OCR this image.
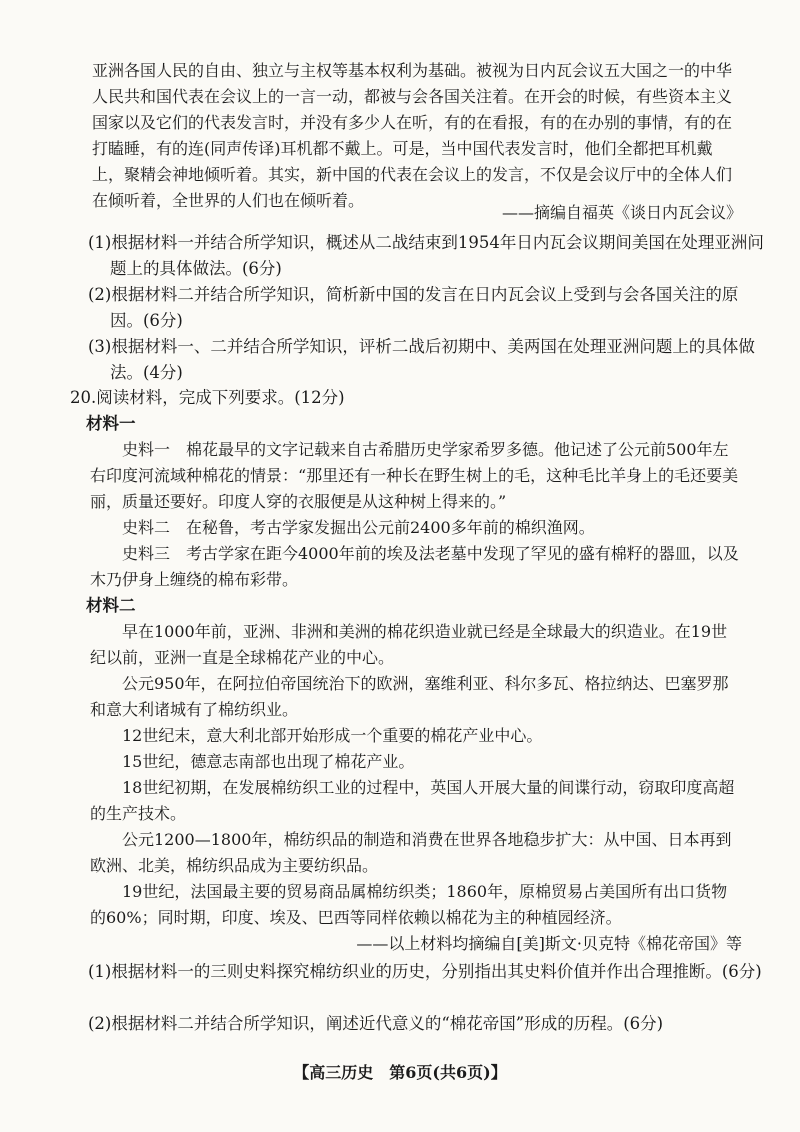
亚洲各国人民的自由、独立与主权等基本权利为基础。被视为日内瓦会议五大国之一的中华人民共和国代表在会议上的一言一动，都被与会各国关注着。在开会的时候，有些资本主义国家以及它们的代表发言时，并没有多少人在听，有的在看报，有的在办别的事情，有的在打瞌睡，有的连(同声传译)耳机都不戴上。可是，当中国代表发言时，他们全都把耳机戴上，聚精会神地倾听着。其实，新中国的代表在会议上的发言，不仅是会议厅中的全体人们在倾听着，全世界的人们也在倾听着。

——摘编自福英《谈日内瓦会议》

(1)根据材料一并结合所学知识，概述从二战结束到1954年日内瓦会议期间美国在处理亚洲问题上的具体做法。(6分)

(2)根据材料二并结合所学知识，简析新中国的发言在日内瓦会议上受到与会各国关注的原因。(6分)

(3)根据材料一、二并结合所学知识，评析二战后初期中、美两国在处理亚洲问题上的具体做法。(4分)

20.阅读材料，完成下列要求。(12分)

材料一

史料一　棉花最早的文字记载来自古希腊历史学家希罗多德。他记述了公元前500年左右印度河流域种棉花的情景：“那里还有一种长在野生树上的毛，这种毛比羊身上的毛还要美丽，质量还要好。印度人穿的衣服便是从这种树上得来的。”

史料二　在秘鲁，考古学家发掘出公元前2400多年前的棉织渔网。

史料三　考古学家在距今4000年前的埃及法老墓中发现了罕见的盛有棉籽的器皿，以及木乃伊身上缠绕的棉布彩带。

材料二

早在1000年前，亚洲、非洲和美洲的棉花织造业就已经是全球最大的织造业。在19世纪以前，亚洲一直是全球棉花产业的中心。

公元950年，在阿拉伯帝国统治下的欧洲，塞维利亚、科尔多瓦、格拉纳达、巴塞罗那和意大利诸城有了棉纺织业。

12世纪末，意大利北部开始形成一个重要的棉花产业中心。

15世纪，德意志南部也出现了棉花产业。

18世纪初期，在发展棉纺织工业的过程中，英国人开展大量的间谍行动，窃取印度高超的生产技术。

公元1200—1800年，棉纺织品的制造和消费在世界各地稳步扩大：从中国、日本再到欧洲、北美，棉纺织品成为主要纺织品。

19世纪，法国最主要的贸易商品属棉纺织类；1860年，原棉贸易占美国所有出口货物的60%；同时期，印度、埃及、巴西等同样依赖以棉花为主的种植园经济。

——以上材料均摘编自[美]斯文·贝克特《棉花帝国》等

(1)根据材料一的三则史料探究棉纺织业的历史，分别指出其史料价值并作出合理推断。(6分)

(2)根据材料二并结合所学知识，阐述近代意义的“棉花帝国”形成的历程。(6分)

【高三历史　第6页(共6页)】
